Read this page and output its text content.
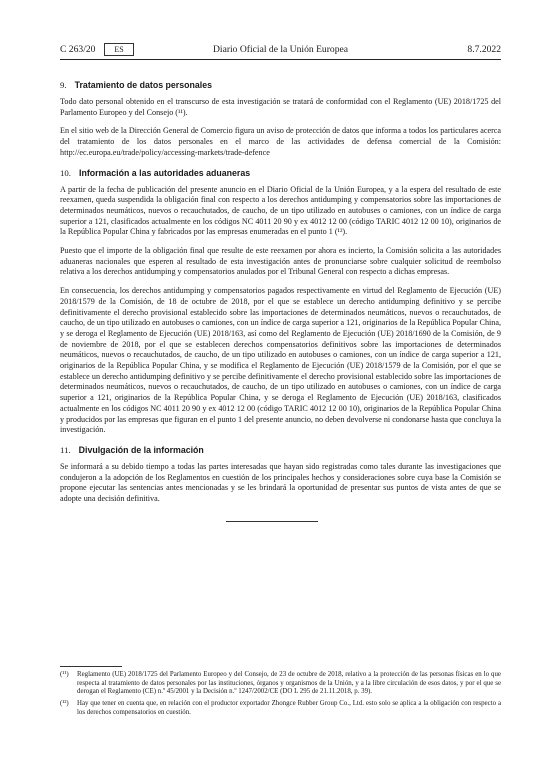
C 263/20	ES	Diario Oficial de la Unión Europea	8.7.2022
9. Tratamiento de datos personales

Todo dato personal obtenido en el transcurso de esta investigación se tratará de conformidad con el Reglamento (UE) 2018/1725 del Parlamento Europeo y del Consejo (¹¹).

En el sitio web de la Dirección General de Comercio figura un aviso de protección de datos que informa a todos los particulares acerca del tratamiento de los datos personales en el marco de las actividades de defensa comercial de la Comisión: http://ec.europa.eu/trade/policy/accessing-markets/trade-defence

10. Información a las autoridades aduaneras

A partir de la fecha de publicación del presente anuncio en el Diario Oficial de la Unión Europea, y a la espera del resultado de este reexamen, queda suspendida la obligación final con respecto a los derechos antidumping y compensatorios sobre las importaciones de determinados neumáticos, nuevos o recauchutados, de caucho, de un tipo utilizado en autobuses o camiones, con un índice de carga superior a 121, clasificados actualmente en los códigos NC 4011 20 90 y ex 4012 12 00 (código TARIC 4012 12 00 10), originarios de la República Popular China y fabricados por las empresas enumeradas en el punto 1 (¹²).

Puesto que el importe de la obligación final que resulte de este reexamen por ahora es incierto, la Comisión solicita a las autoridades aduaneras nacionales que esperen al resultado de esta investigación antes de pronunciarse sobre cualquier solicitud de reembolso relativa a los derechos antidumping y compensatorios anulados por el Tribunal General con respecto a dichas empresas.

En consecuencia, los derechos antidumping y compensatorios pagados respectivamente en virtud del Reglamento de Ejecución (UE) 2018/1579 de la Comisión, de 18 de octubre de 2018, por el que se establece un derecho antidumping definitivo y se percibe definitivamente el derecho provisional establecido sobre las importaciones de determinados neumáticos, nuevos o recauchutados, de caucho, de un tipo utilizado en autobuses o camiones, con un índice de carga superior a 121, originarios de la República Popular China, y se deroga el Reglamento de Ejecución (UE) 2018/163, así como del Reglamento de Ejecución (UE) 2018/1690 de la Comisión, de 9 de noviembre de 2018, por el que se establecen derechos compensatorios definitivos sobre las importaciones de determinados neumáticos, nuevos o recauchutados, de caucho, de un tipo utilizado en autobuses o camiones, con un índice de carga superior a 121, originarios de la República Popular China, y se modifica el Reglamento de Ejecución (UE) 2018/1579 de la Comisión, por el que se establece un derecho antidumping definitivo y se percibe definitivamente el derecho provisional establecido sobre las importaciones de determinados neumáticos, nuevos o recauchutados, de caucho, de un tipo utilizado en autobuses o camiones, con un índice de carga superior a 121, originarios de la República Popular China, y se deroga el Reglamento de Ejecución (UE) 2018/163, clasificados actualmente en los códigos NC 4011 20 90 y ex 4012 12 00 (código TARIC 4012 12 00 10), originarios de la República Popular China y producidos por las empresas que figuran en el punto 1 del presente anuncio, no deben devolverse ni condonarse hasta que concluya la investigación.

11. Divulgación de la información

Se informará a su debido tiempo a todas las partes interesadas que hayan sido registradas como tales durante las investigaciones que condujeron a la adopción de los Reglamentos en cuestión de los principales hechos y consideraciones sobre cuya base la Comisión se propone ejecutar las sentencias antes mencionadas y se les brindará la oportunidad de presentar sus puntos de vista antes de que se adopte una decisión definitiva.

(¹¹) Reglamento (UE) 2018/1725 del Parlamento Europeo y del Consejo, de 23 de octubre de 2018, relativo a la protección de las personas físicas en lo que respecta al tratamiento de datos personales por las instituciones, órganos y organismos de la Unión, y a la libre circulación de esos datos, y por el que se derogan el Reglamento (CE) n.º 45/2001 y la Decisión n.º 1247/2002/CE (DO L 295 de 21.11.2018, p. 39).
(¹²) Hay que tener en cuenta que, en relación con el productor exportador Zhongce Rubber Group Co., Ltd. esto solo se aplica a la obligación con respecto a los derechos compensatorios en cuestión.
